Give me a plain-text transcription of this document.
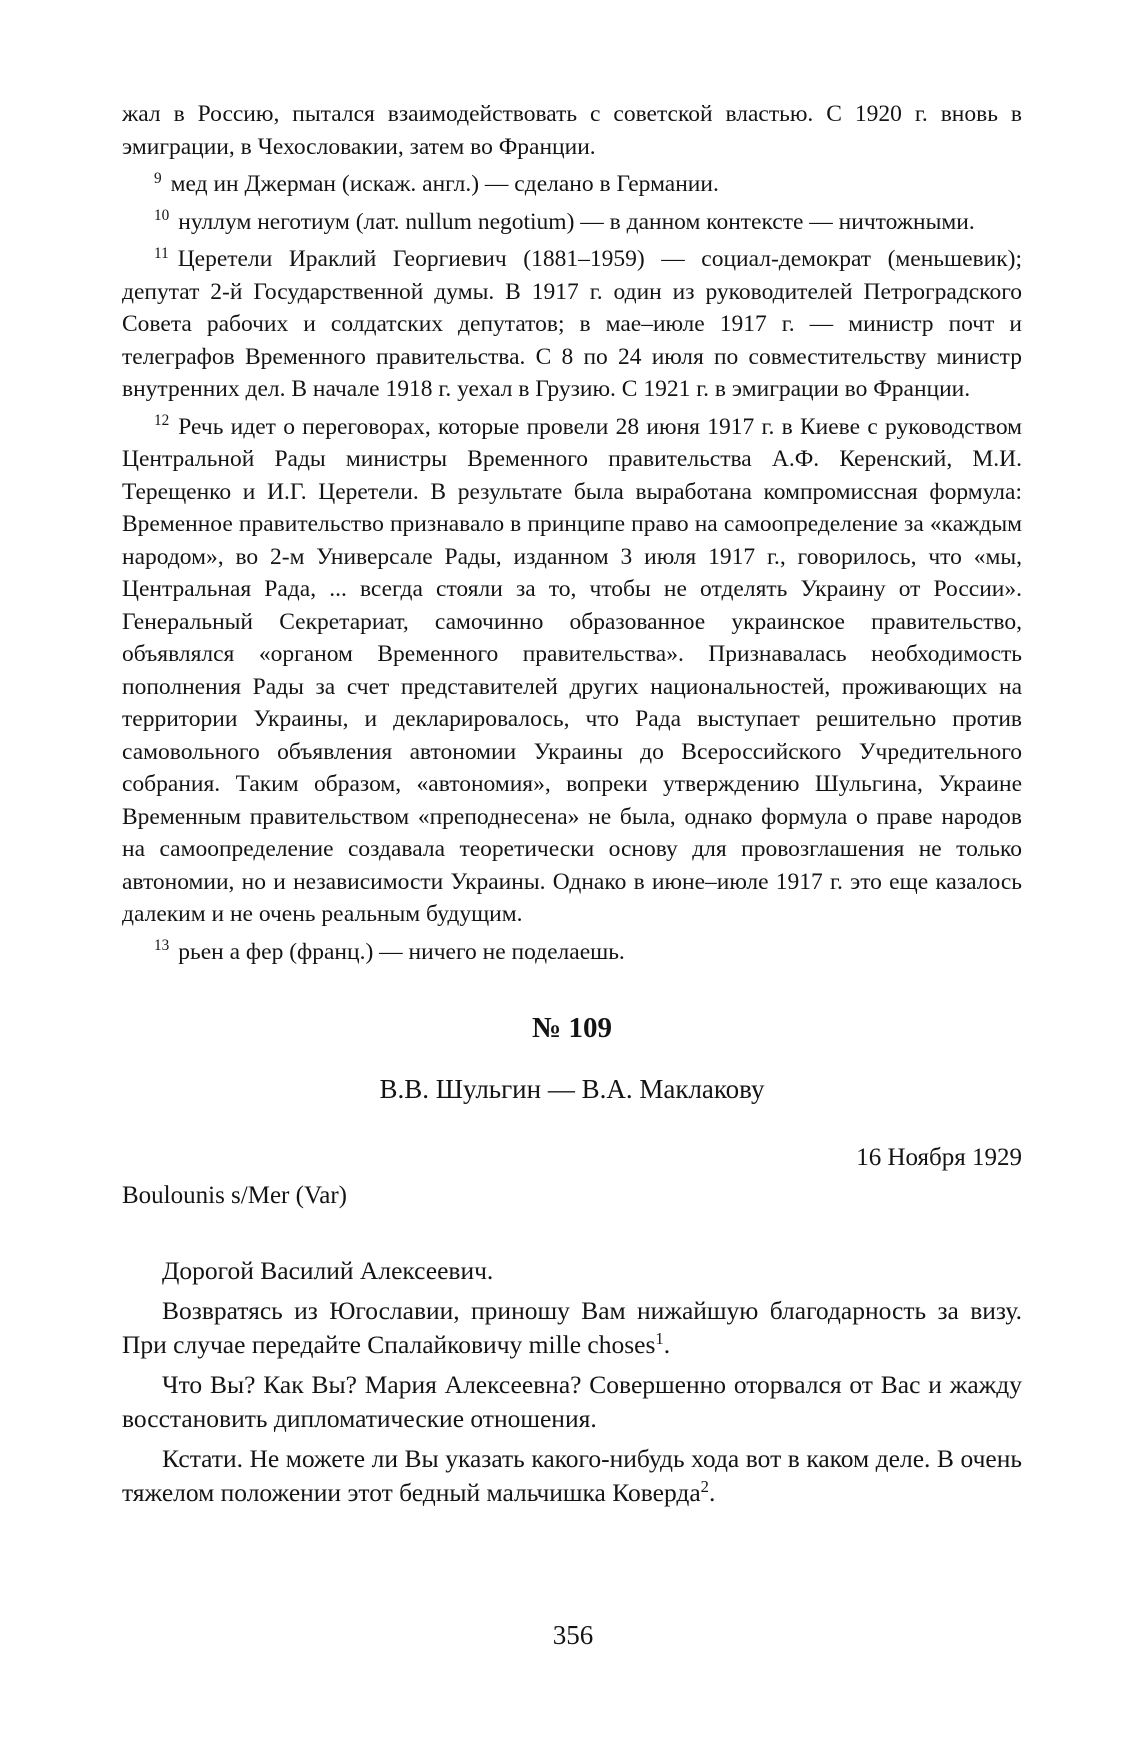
жал в Россию, пытался взаимодействовать с советской властью. С 1920 г. вновь в эмиграции, в Чехословакии, затем во Франции.

$^9$ мед ин Джерман (искаж. англ.) — сделано в Германии.

$^{10}$ нуллум неготиум (лат. nullum negotium) — в данном контексте — ничтожными.

$^{11}$ Церетели Ираклий Георгиевич (1881–1959) — социал-демократ (меньшевик); депутат 2-й Государственной думы. В 1917 г. один из руководителей Петроградского Совета рабочих и солдатских депутатов; в мае–июле 1917 г. — министр почт и телеграфов Временного правительства. С 8 по 24 июля по совместительству министр внутренних дел. В начале 1918 г. уехал в Грузию. С 1921 г. в эмиграции во Франции.

$^{12}$ Речь идет о переговорах, которые провели 28 июня 1917 г. в Киеве с руководством Центральной Рады министры Временного правительства А.Ф. Керенский, М.И. Терещенко и И.Г. Церетели. В результате была выработана компромиссная формула: Временное правительство признавало в принципе право на самоопределение за «каждым народом», во 2-м Универсале Рады, изданном 3 июля 1917 г., говорилось, что «мы, Центральная Рада, ... всегда стояли за то, чтобы не отделять Украину от России». Генеральный Секретариат, самочинно образованное украинское правительство, объявлялся «органом Временного правительства». Признавалась необходимость пополнения Рады за счет представителей других национальностей, проживающих на территории Украины, и декларировалось, что Рада выступает решительно против самовольного объявления автономии Украины до Всероссийского Учредительного собрания. Таким образом, «автономия», вопреки утверждению Шульгина, Украине Временным правительством «преподнесена» не была, однако формула о праве народов на самоопределение создавала теоретически основу для провозглашения не только автономии, но и независимости Украины. Однако в июне–июле 1917 г. это еще казалось далеким и не очень реальным будущим.

$^{13}$ рьен а фер (франц.) — ничего не поделаешь.

№ 109
В.В. Шульгин — В.А. Маклакову
16 Ноября 1929
Boulounis s/Mer (Var)

Дорогой Василий Алексеевич.

Возвратясь из Югославии, приношу Вам нижайшую благодарность за визу. При случае передайте Спалайковичу mille choses$^1$.

Что Вы? Как Вы? Мария Алексеевна? Совершенно оторвался от Вас и жажду восстановить дипломатические отношения.

Кстати. Не можете ли Вы указать какого-нибудь хода вот в каком деле. В очень тяжелом положении этот бедный мальчишка Коверда$^2$.

356
